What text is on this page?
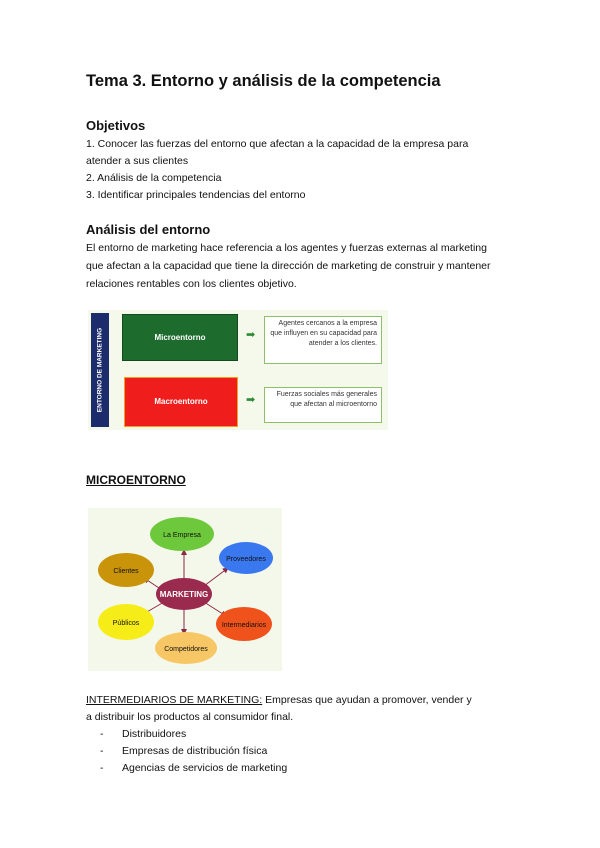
Tema 3. Entorno y análisis de la competencia
Objetivos
1. Conocer las fuerzas del entorno que afectan a la capacidad de la empresa para
atender a sus clientes
2. Análisis de la competencia
3. Identificar principales tendencias del entorno
Análisis del entorno
El entorno de marketing hace referencia a los agentes y fuerzas externas al marketing
que afectan a la capacidad que tiene la dirección de marketing de construir y mantener
relaciones rentables con los clientes objetivo.
ENTORNO DE MARKETING	Microentorno	➡
Agentes cercanos a la empresa que influyen en su capacidad para atender a los clientes.
Macroentorno	➡	Fuerzas sociales más generales que afectan al microentorno
MICROENTORNO
La Empresa
Proveedores
Intermediarios
Competidores
Públicos
Clientes
MARKETING
INTERMEDIARIOS DE MARKETING: Empresas que ayudan a promover, vender y
a distribuir los productos al consumidor final.
- Distribuidores
- Empresas de distribución física
- Agencias de servicios de marketing
